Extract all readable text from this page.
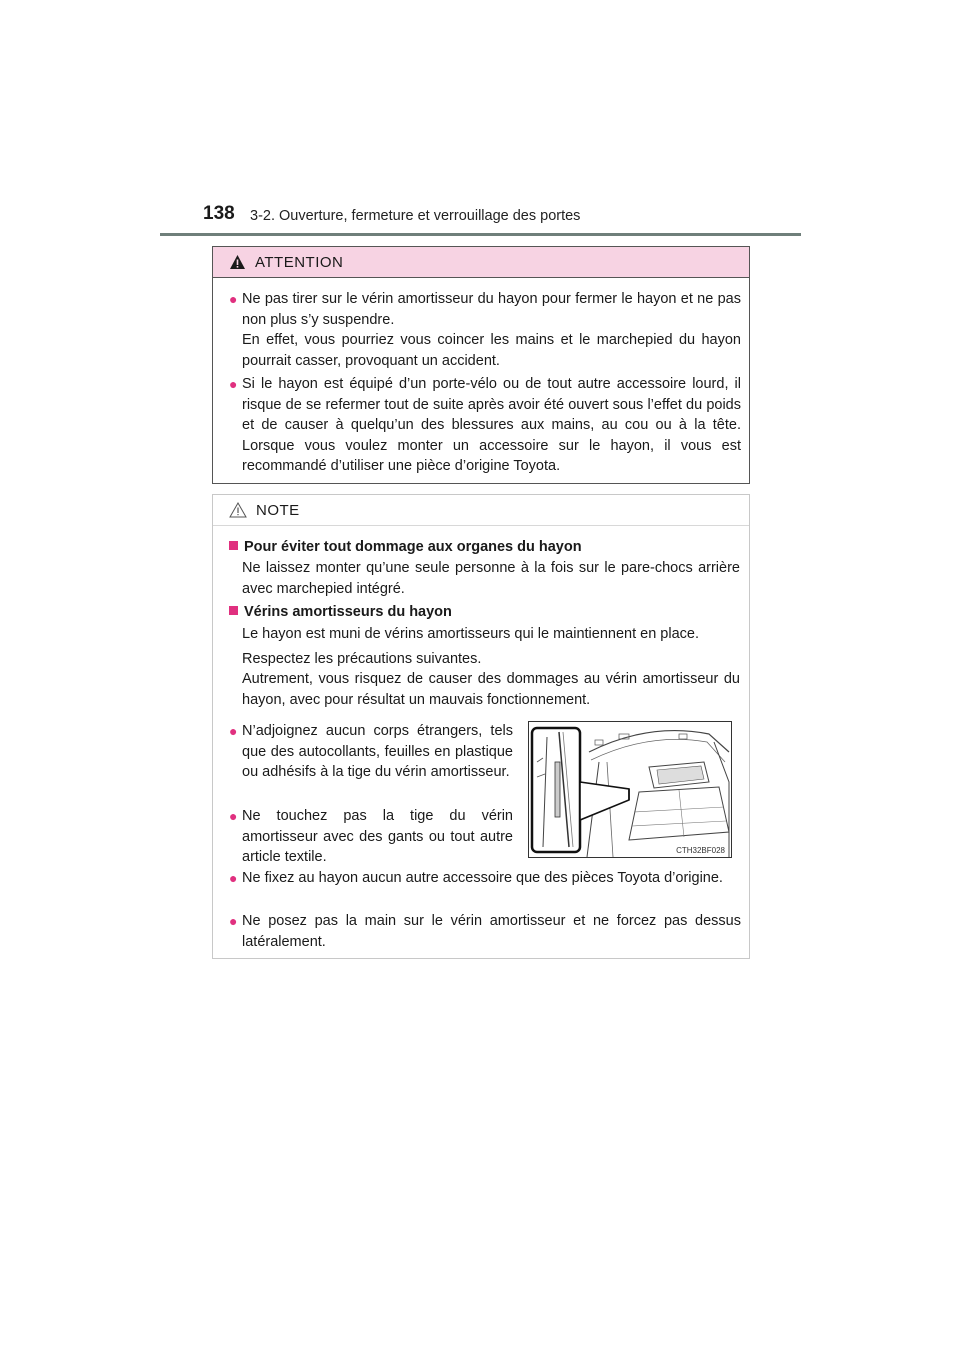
138 3-2. Ouverture, fermeture et verrouillage des portes
ATTENTION
● Ne pas tirer sur le vérin amortisseur du hayon pour fermer le hayon et ne pas non plus s’y suspendre.

En effet, vous pourriez vous coincer les mains et le marchepied du hayon pourrait casser, provoquant un accident.

● Si le hayon est équipé d’un porte-vélo ou de tout autre accessoire lourd, il risque de se refermer tout de suite après avoir été ouvert sous l’effet du poids et de causer à quelqu’un des blessures aux mains, au cou ou à la tête. Lorsque vous voulez monter un accessoire sur le hayon, il vous est recommandé d’utiliser une pièce d’origine Toyota.

NOTE
Pour éviter tout dommage aux organes du hayon

Ne laissez monter qu’une seule personne à la fois sur le pare-chocs arrière avec marchepied intégré.

Vérins amortisseurs du hayon

Le hayon est muni de vérins amortisseurs qui le maintiennent en place.

Respectez les précautions suivantes.

Autrement, vous risquez de causer des dommages au vérin amortisseur du hayon, avec pour résultat un mauvais fonctionnement.

● N’adjoignez aucun corps étrangers, tels que des autocollants, feuilles en plastique ou adhésifs à la tige du vérin amortisseur.

● Ne touchez pas la tige du vérin amortisseur avec des gants ou tout autre article textile.

● Ne fixez au hayon aucun autre accessoire que des pièces Toyota d’origine.

● Ne posez pas la main sur le vérin amortisseur et ne forcez pas dessus latéralement.

CTH32BF028
